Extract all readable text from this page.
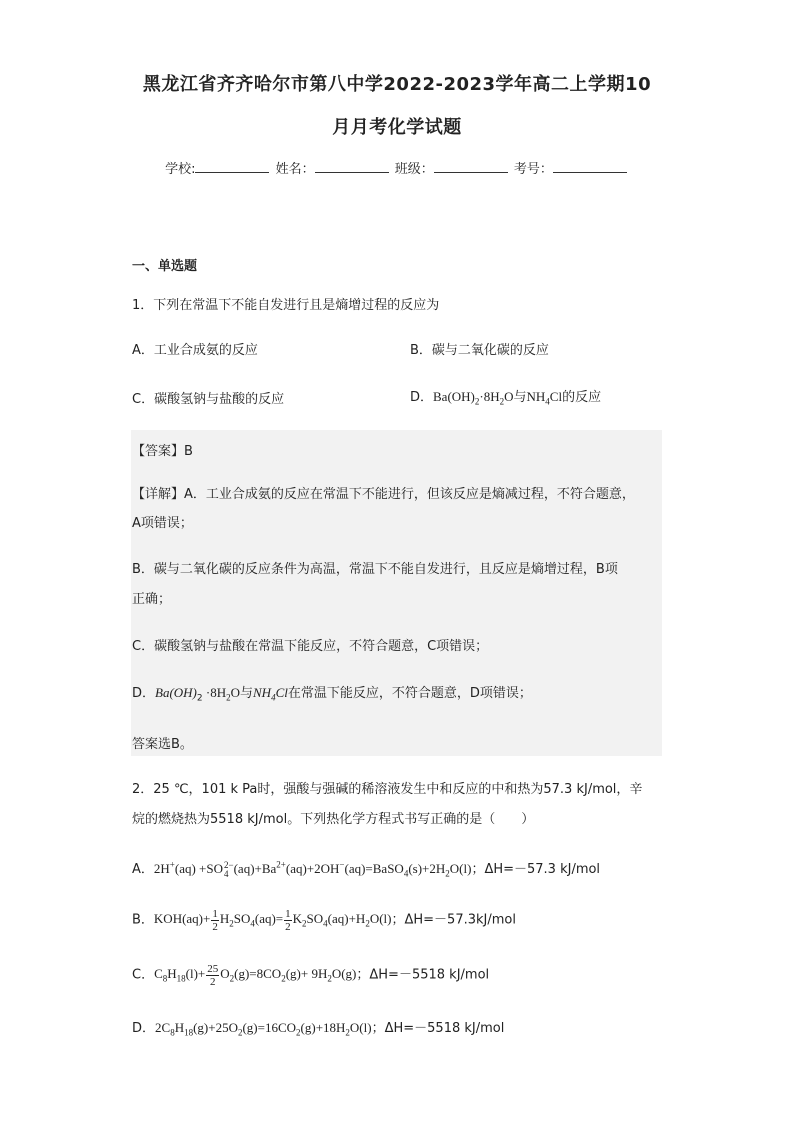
黑龙江省齐齐哈尔市第八中学2022-2023学年高二上学期10
月月考化学试题
学校:	姓名：	班级：	考号：
一、单选题
1．下列在常温下不能自发进行且是熵增过程的反应为
A．工业合成氨的反应	B．碳与二氧化碳的反应
C．碳酸氢钠与盐酸的反应	D．$Ba(OH)_2\cdot 8H_2O$与$NH_4Cl$的反应
【答案】B
【详解】A．工业合成氨的反应在常温下不能进行，但该反应是熵减过程，不符合题意，
A项错误；
B．碳与二氧化碳的反应条件为高温，常温下不能自发进行，且反应是熵增过程，B项
正确；
C．碳酸氢钠与盐酸在常温下能反应，不符合题意，C项错误；
D．$Ba(OH)_2 \cdot 8H_2O$与$NH_4Cl$在常温下能反应，不符合题意，D项错误；
答案选B。
2．25 ℃，101 k Pa时，强酸与强碱的稀溶液发生中和反应的中和热为57.3 kJ/mol，辛
烷的燃烧热为5518 kJ/mol。下列热化学方程式书写正确的是（　　）
A．2H+(aq) +SO 2−
4 $(aq)+Ba^{2+}(aq)+2OH^-(aq)=BaSO_4(s)+2H_2O(l)$；ΔH=－57.3 kJ/mol
B．$KOH(aq)+ \frac{1}{2} H_2SO_4(aq)= \frac{1}{2} K_2SO_4(aq)+H_2O(l)$；ΔH=－57.3kJ/mol
C．$C_8H_{18}(l)+ \frac{25}{2} O_2(g)=8CO_2(g)+ 9H_2O(g)$；ΔH=－5518 kJ/mol
D．$2C_8H_{18}(g)+25O_2(g)=16CO_2(g)+18H_2O(l)$；ΔH=－5518 kJ/mol
